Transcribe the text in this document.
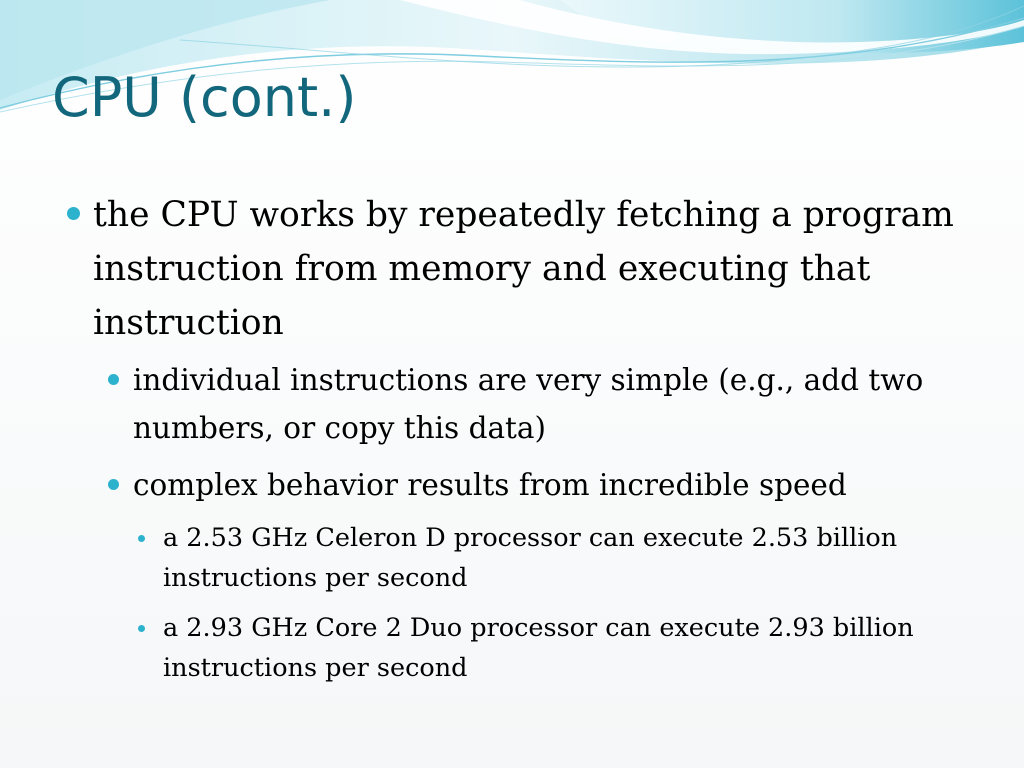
CPU (cont.)
the CPU works by repeatedly fetching a program instruction from memory and executing that instruction
individual instructions are very simple (e.g., add two numbers, or copy this data)
complex behavior results from incredible speed
a 2.53 GHz Celeron D processor can execute 2.53 billion instructions per second
a 2.93 GHz Core 2 Duo processor can execute 2.93 billion instructions per second
